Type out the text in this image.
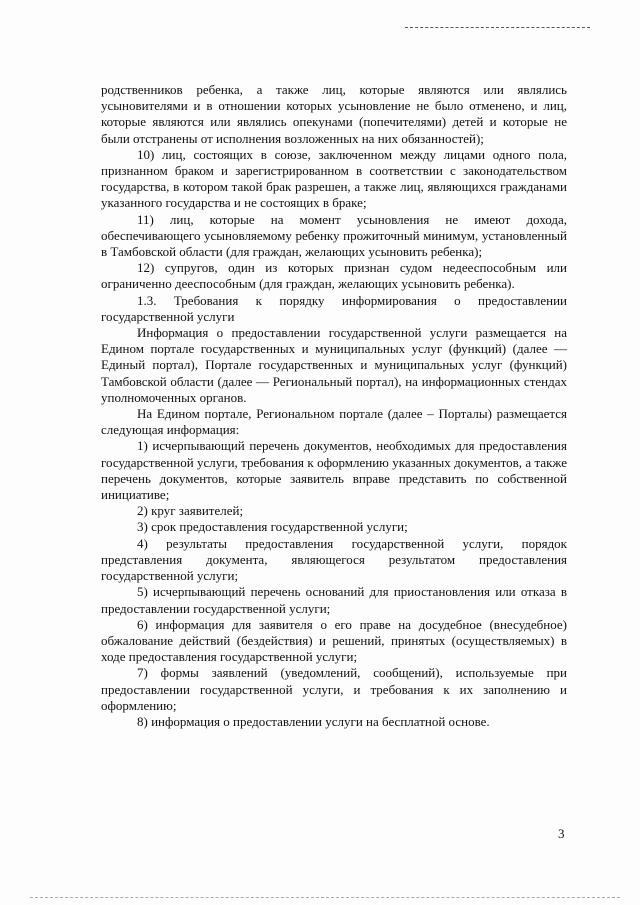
родственников ребенка, а также лиц, которые являются или являлись усыновителями и в отношении которых усыновление не было отменено, и лиц, которые являются или являлись опекунами (попечителями) детей и которые не были отстранены от исполнения возложенных на них обязанностей);

10) лиц, состоящих в союзе, заключенном между лицами одного пола, признанном браком и зарегистрированном в соответствии с законодательством государства, в котором такой брак разрешен, а также лиц, являющихся гражданами указанного государства и не состоящих в браке;

11) лиц, которые на момент усыновления не имеют дохода, обеспечивающего усыновляемому ребенку прожиточный минимум, установленный в Тамбовской области (для граждан, желающих усыновить ребенка);

12) супругов, один из которых признан судом недееспособным или ограниченно дееспособным (для граждан, желающих усыновить ребенка).

1.3. Требования к порядку информирования о предоставлении государственной услуги

Информация о предоставлении государственной услуги размещается на Едином портале государственных и муниципальных услуг (функций) (далее — Единый портал), Портале государственных и муниципальных услуг (функций) Тамбовской области (далее — Региональный портал), на информационных стендах уполномоченных органов.

На Едином портале, Региональном портале (далее – Порталы) размещается следующая информация:

1) исчерпывающий перечень документов, необходимых для предоставления государственной услуги, требования к оформлению указанных документов, а также перечень документов, которые заявитель вправе представить по собственной инициативе;

2) круг заявителей;

3) срок предоставления государственной услуги;

4) результаты предоставления государственной услуги, порядок представления документа, являющегося результатом предоставления государственной услуги;

5) исчерпывающий перечень оснований для приостановления или отказа в предоставлении государственной услуги;

6) информация для заявителя о его праве на досудебное (внесудебное) обжалование действий (бездействия) и решений, принятых (осуществляемых) в ходе предоставления государственной услуги;

7) формы заявлений (уведомлений, сообщений), используемые при предоставлении государственной услуги, и требования к их заполнению и оформлению;

8) информация о предоставлении услуги на бесплатной основе.

3
